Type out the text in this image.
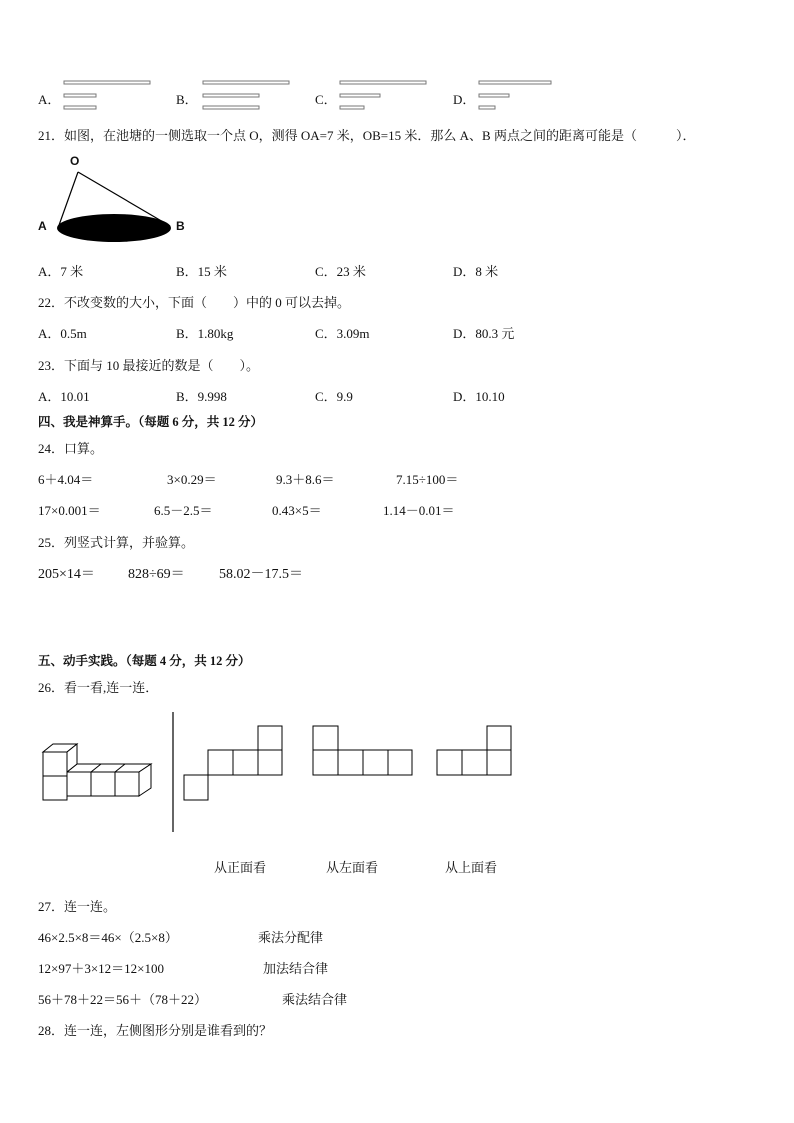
A．	B．	C．	D．
21．如图，在池塘的一侧选取一个点 O，测得 OA=7 米，OB=15 米．那么 A、B 两点之间的距离可能是（　　　）．
O
A	B
A．7 米	B．15 米	C．23 米	D．8 米
22．不改变数的大小，下面（　　）中的 0 可以去掉。
A．0.5m	B．1.80kg	C．3.09m	D．80.3 元
23．下面与 10 最接近的数是（　　）。
A．10.01	B．9.998	C．9.9	D．10.10
四、我是神算手。（每题 6 分，共 12 分）
24．口算。
6＋4.04＝	3×0.29＝	9.3＋8.6＝	7.15÷100＝
17×0.001＝	6.5－2.5＝	0.43×5＝	1.14－0.01＝
25．列竖式计算，并验算。
205×14＝ 828÷69＝ 58.02－17.5＝
五、动手实践。（每题 4 分，共 12 分）
26．看一看,连一连．
从正面看	从左面看	从上面看
27．连一连。
46×2.5×8＝46×（2.5×8）	乘法分配律
12×97＋3×12＝12×100	加法结合律
56＋78＋22＝56＋（78＋22）	乘法结合律
28．连一连，左侧图形分别是谁看到的？
